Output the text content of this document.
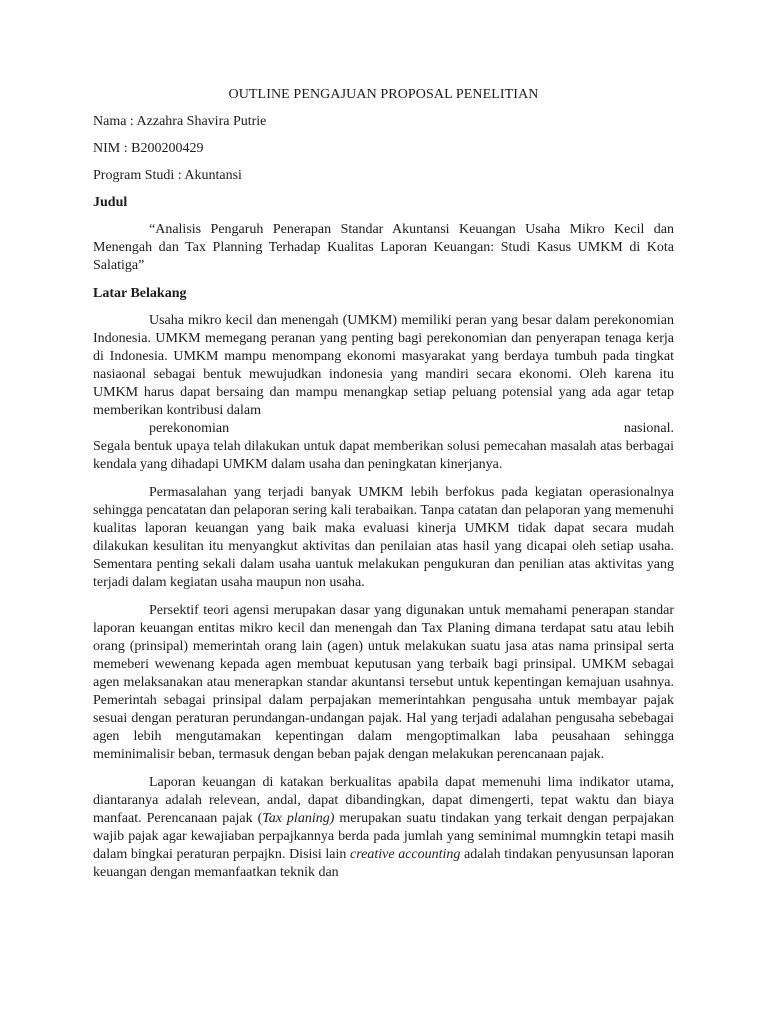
OUTLINE PENGAJUAN PROPOSAL PENELITIAN
Nama : Azzahra Shavira Putrie
NIM : B200200429
Program Studi : Akuntansi
Judul

“Analisis Pengaruh Penerapan Standar Akuntansi Keuangan Usaha Mikro Kecil dan Menengah dan Tax Planning Terhadap Kualitas Laporan Keuangan: Studi Kasus UMKM di Kota Salatiga”

Latar Belakang

Usaha mikro kecil dan menengah (UMKM) memiliki peran yang besar dalam perekonomian Indonesia. UMKM memegang peranan yang penting bagi perekonomian dan penyerapan tenaga kerja di Indonesia. UMKM mampu menompang ekonomi masyarakat yang berdaya tumbuh pada tingkat nasiaonal sebagai bentuk mewujudkan indonesia yang mandiri secara ekonomi. Oleh karena itu UMKM harus dapat bersaing dan mampu menangkap setiap peluang potensial yang ada agar tetap memberikan kontribusi dalam
perekonomian	nasional.

Segala bentuk upaya telah dilakukan untuk dapat memberikan solusi pemecahan masalah atas berbagai kendala yang dihadapi UMKM dalam usaha dan peningkatan kinerjanya.

Permasalahan yang terjadi banyak UMKM lebih berfokus pada kegiatan operasionalnya sehingga pencatatan dan pelaporan sering kali terabaikan. Tanpa catatan dan pelaporan yang memenuhi kualitas laporan keuangan yang baik maka evaluasi kinerja UMKM tidak dapat secara mudah dilakukan kesulitan itu menyangkut aktivitas dan penilaian atas hasil yang dicapai oleh setiap usaha. Sementara penting sekali dalam usaha uantuk melakukan pengukuran dan penilian atas aktivitas yang terjadi dalam kegiatan usaha maupun non usaha.

Persektif teori agensi merupakan dasar yang digunakan untuk memahami penerapan standar laporan keuangan entitas mikro kecil dan menengah dan Tax Planing dimana terdapat satu atau lebih orang (prinsipal) memerintah orang lain (agen) untuk melakukan suatu jasa atas nama prinsipal serta memeberi wewenang kepada agen membuat keputusan yang terbaik bagi prinsipal. UMKM sebagai agen melaksanakan atau menerapkan standar akuntansi tersebut untuk kepentingan kemajuan usahnya. Pemerintah sebagai prinsipal dalam perpajakan memerintahkan pengusaha untuk membayar pajak sesuai dengan peraturan perundangan-undangan pajak. Hal yang terjadi adalahan pengusaha sebebagai agen lebih mengutamakan kepentingan dalam mengoptimalkan laba peusahaan sehingga meminimalisir beban, termasuk dengan beban pajak dengan melakukan perencanaan pajak.

Laporan keuangan di katakan berkualitas apabila dapat memenuhi lima indikator utama, diantaranya adalah relevean, andal, dapat dibandingkan, dapat dimengerti, tepat waktu dan biaya manfaat. Perencanaan pajak (Tax planing) merupakan suatu tindakan yang terkait dengan perpajakan wajib pajak agar kewajiaban perpajkannya berda pada jumlah yang seminimal mumngkin tetapi masih dalam bingkai peraturan perpajkn. Disisi lain creative accounting adalah tindakan penyusunsan laporan keuangan dengan memanfaatkan teknik dan
